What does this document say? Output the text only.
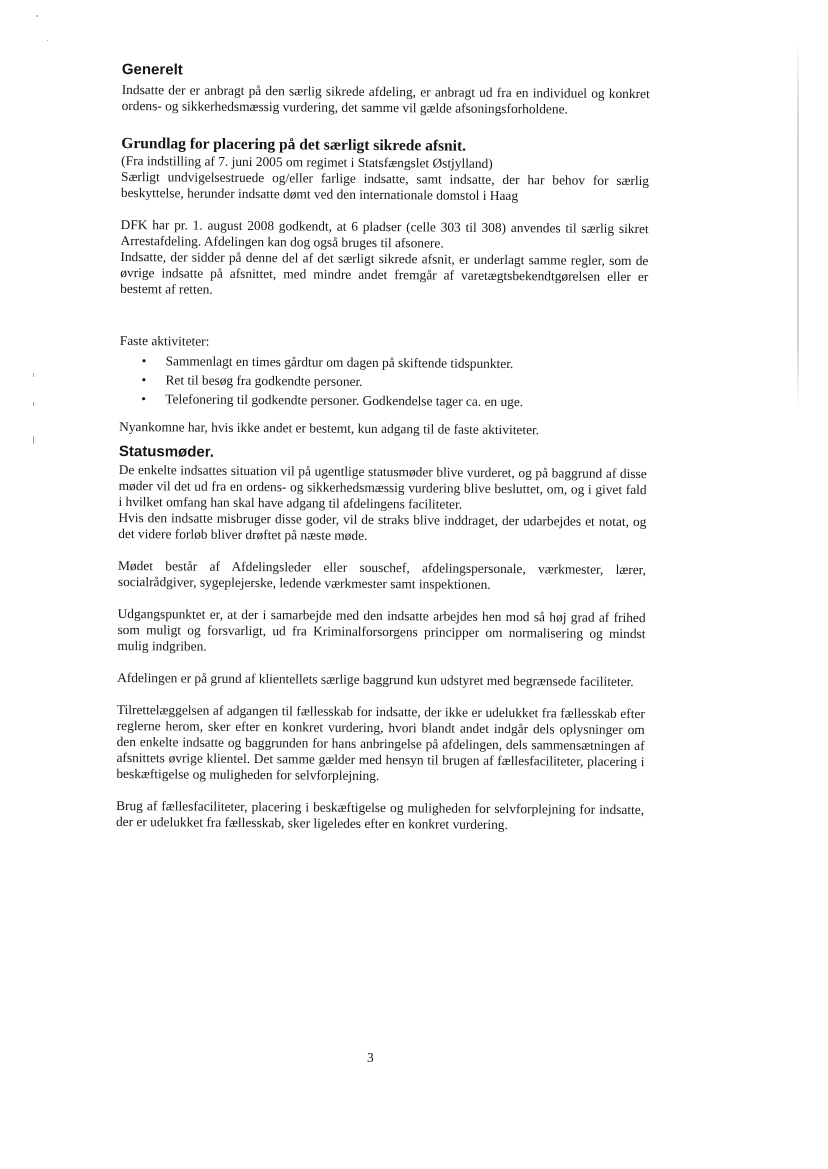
Generelt

Indsatte der er anbragt på den særlig sikrede afdeling, er anbragt ud fra en individuel og konkret ordens- og sikkerhedsmæssig vurdering, det samme vil gælde afsoningsforholdene.

Grundlag for placering på det særligt sikrede afsnit.

(Fra indstilling af 7. juni 2005 om regimet i Statsfængslet Østjylland)

Særligt undvigelsestruede og/eller farlige indsatte, samt indsatte, der har behov for særlig beskyttelse, herunder indsatte dømt ved den internationale domstol i Haag

DFK har pr. 1. august 2008 godkendt, at 6 pladser (celle 303 til 308) anvendes til særlig sikret Arrestafdeling. Afdelingen kan dog også bruges til afsonere.

Indsatte, der sidder på denne del af det særligt sikrede afsnit, er underlagt samme regler, som de øvrige indsatte på afsnittet, med mindre andet fremgår af varetægtsbekendtgørelsen eller er bestemt af retten.

Faste aktiviteter:

• Sammenlagt en times gårdtur om dagen på skiftende tidspunkter.
• Ret til besøg fra godkendte personer.
• Telefonering til godkendte personer. Godkendelse tager ca. en uge.

Nyankomne har, hvis ikke andet er bestemt, kun adgang til de faste aktiviteter.

Statusmøder.

De enkelte indsattes situation vil på ugentlige statusmøder blive vurderet, og på baggrund af disse møder vil det ud fra en ordens- og sikkerhedsmæssig vurdering blive besluttet, om, og i givet fald i hvilket omfang han skal have adgang til afdelingens faciliteter.

Hvis den indsatte misbruger disse goder, vil de straks blive inddraget, der udarbejdes et notat, og det videre forløb bliver drøftet på næste møde.

Mødet består af Afdelingsleder eller souschef, afdelingspersonale, værkmester, lærer, socialrådgiver, sygeplejerske, ledende værkmester samt inspektionen.

Udgangspunktet er, at der i samarbejde med den indsatte arbejdes hen mod så høj grad af frihed som muligt og forsvarligt, ud fra Kriminalforsorgens principper om normalisering og mindst mulig indgriben.

Afdelingen er på grund af klientellets særlige baggrund kun udstyret med begrænsede faciliteter.

Tilrettelæggelsen af adgangen til fællesskab for indsatte, der ikke er udelukket fra fællesskab efter reglerne herom, sker efter en konkret vurdering, hvori blandt andet indgår dels oplysninger om den enkelte indsatte og baggrunden for hans anbringelse på afdelingen, dels sammensætningen af afsnittets øvrige klientel. Det samme gælder med hensyn til brugen af fællesfaciliteter, placering i beskæftigelse og muligheden for selvforplejning.

Brug af fællesfaciliteter, placering i beskæftigelse og muligheden for selvforplejning for indsatte, der er udelukket fra fællesskab, sker ligeledes efter en konkret vurdering.

3
